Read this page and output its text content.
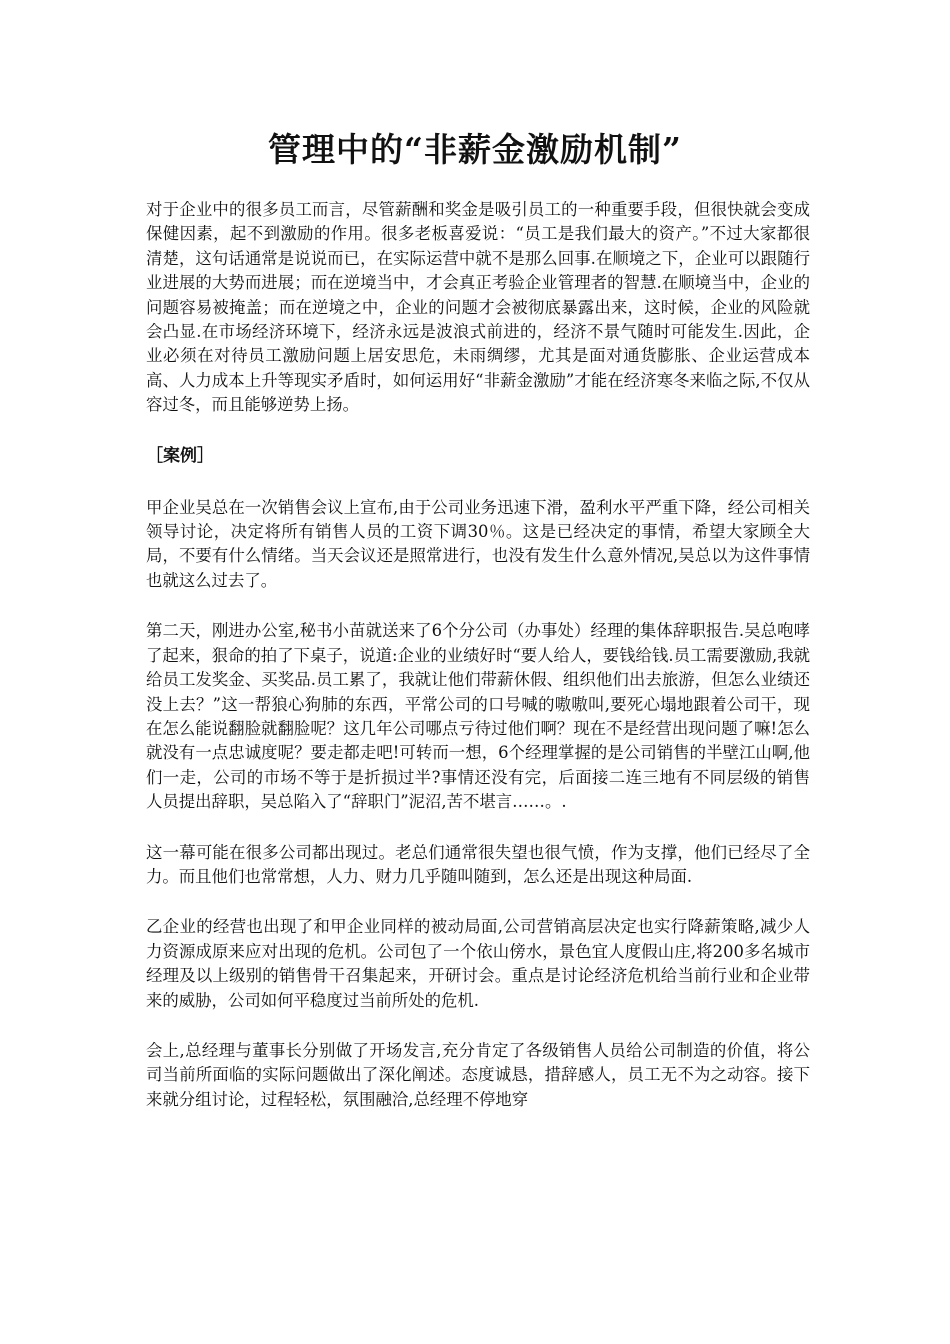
管理中的“非薪金激励机制”

对于企业中的很多员工而言，尽管薪酬和奖金是吸引员工的一种重要手段，但很快就会变成保健因素，起不到激励的作用。很多老板喜爱说：“员工是我们最大的资产。”不过大家都很清楚，这句话通常是说说而已，在实际运营中就不是那么回事.在顺境之下，企业可以跟随行业进展的大势而进展；而在逆境当中，才会真正考验企业管理者的智慧.在顺境当中，企业的问题容易被掩盖；而在逆境之中，企业的问题才会被彻底暴露出来，这时候，企业的风险就会凸显.在市场经济环境下，经济永远是波浪式前进的，经济不景气随时可能发生.因此，企业必须在对待员工激励问题上居安思危，未雨绸缪，尤其是面对通货膨胀、企业运营成本高、人力成本上升等现实矛盾时，如何运用好“非薪金激励”才能在经济寒冬来临之际,不仅从容过冬，而且能够逆势上扬。

［案例］

甲企业吴总在一次销售会议上宣布,由于公司业务迅速下滑，盈利水平严重下降，经公司相关领导讨论，决定将所有销售人员的工资下调30％。这是已经决定的事情，希望大家顾全大局，不要有什么情绪。当天会议还是照常进行，也没有发生什么意外情况,吴总以为这件事情也就这么过去了。

第二天，刚进办公室,秘书小苗就送来了6个分公司（办事处）经理的集体辞职报告.吴总咆哮了起来，狠命的拍了下桌子，说道:企业的业绩好时“要人给人，要钱给钱.员工需要激励,我就给员工发奖金、买奖品.员工累了，我就让他们带薪休假、组织他们出去旅游，但怎么业绩还没上去？”这一帮狼心狗肺的东西，平常公司的口号喊的嗷嗷叫,要死心塌地跟着公司干，现在怎么能说翻脸就翻脸呢？这几年公司哪点亏待过他们啊？现在不是经营出现问题了嘛!怎么就没有一点忠诚度呢？要走都走吧!可转而一想，6个经理掌握的是公司销售的半壁江山啊,他们一走，公司的市场不等于是折损过半?事情还没有完，后面接二连三地有不同层级的销售人员提出辞职，吴总陷入了“辞职门”泥沼,苦不堪言……。.

这一幕可能在很多公司都出现过。老总们通常很失望也很气愤，作为支撑，他们已经尽了全力。而且他们也常常想，人力、财力几乎随叫随到，怎么还是出现这种局面.

乙企业的经营也出现了和甲企业同样的被动局面,公司营销高层决定也实行降薪策略,减少人力资源成原来应对出现的危机。公司包了一个依山傍水，景色宜人度假山庄,将200多名城市经理及以上级别的销售骨干召集起来，开研讨会。重点是讨论经济危机给当前行业和企业带来的威胁，公司如何平稳度过当前所处的危机.

会上,总经理与董事长分别做了开场发言,充分肯定了各级销售人员给公司制造的价值，将公司当前所面临的实际问题做出了深化阐述。态度诚恳，措辞感人，员工无不为之动容。接下来就分组讨论，过程轻松，氛围融洽,总经理不停地穿
